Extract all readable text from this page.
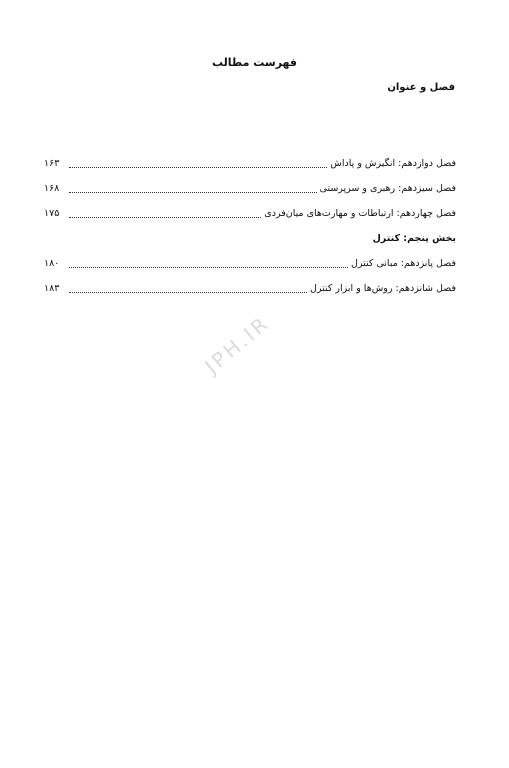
فهرست مطالب
فصل و عنوان
فصل دوازدهم: انگیزش و پاداش
۱۶۳
فصل سیزدهم: رهبری و سرپرستی
۱۶۸
فصل چهاردهم: ارتباطات و مهارت‌های میان‌فردی
۱۷۵
بخش پنجم: کنترل
فصل پانزدهم: مبانی کنترل
۱۸۰
فصل شانزدهم: روش‌ها و ابزار کنترل
۱۸۳
JPH.IR
